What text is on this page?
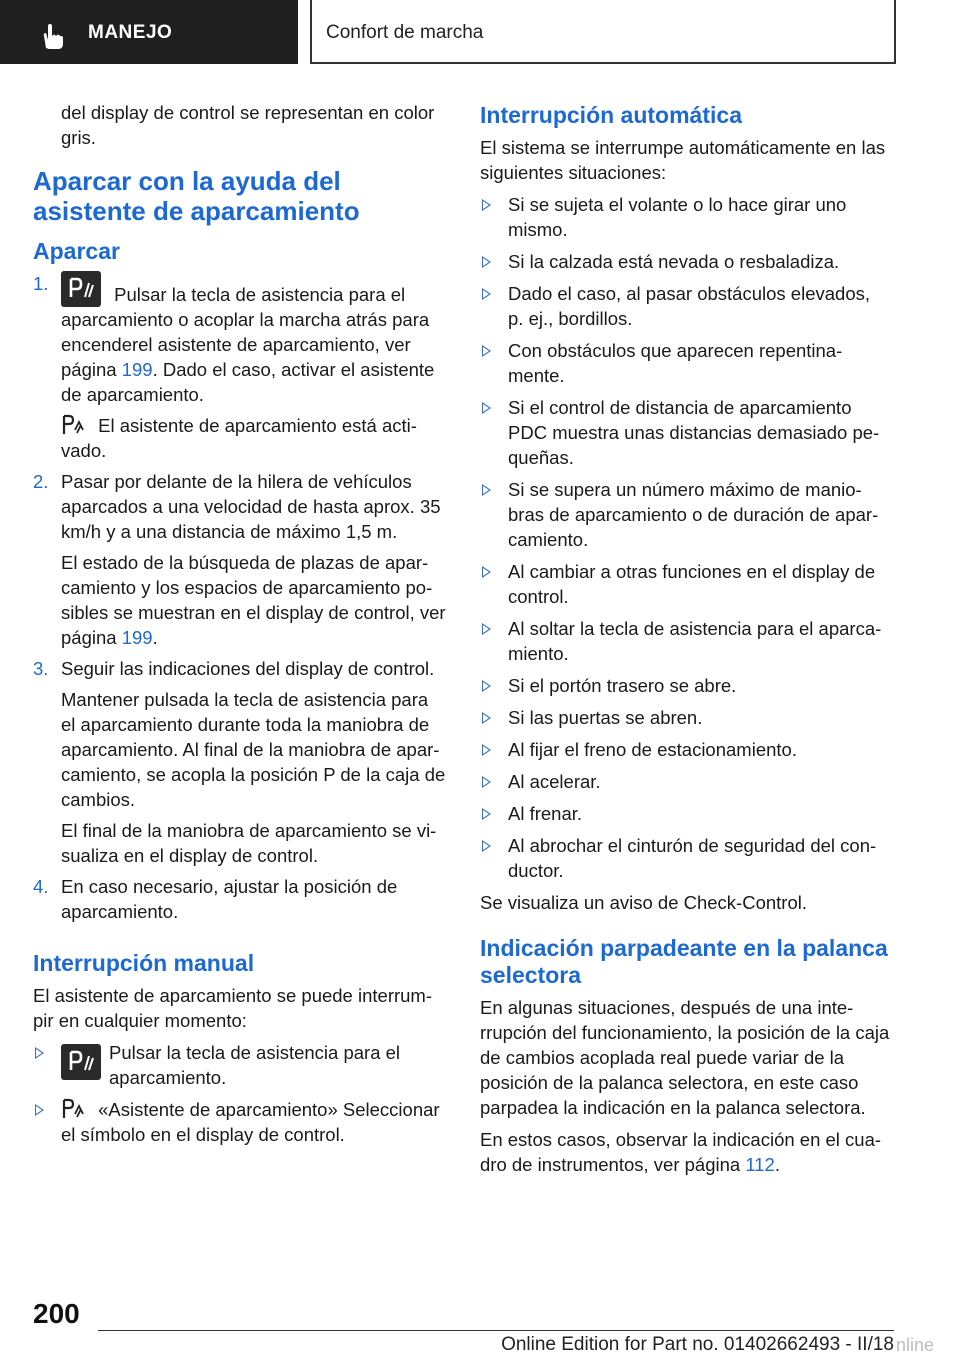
MANEJO	Confort de marcha

del display de control se representan en color gris.

Aparcar con la ayuda del asistente de aparcamiento
Aparcar
1.
Pulsar la tecla de asistencia para el aparcamiento o acoplar la marcha atrás para encenderel asistente de aparcamiento, ver página 199. Dado el caso, activar el asistente de aparcamiento.
El asistente de aparcamiento está acti‐vado.
2. Pasar por delante de la hilera de vehículos aparcados a una velocidad de hasta aprox. 35 km/h y a una distancia de máximo 1,5 m.
El estado de la búsqueda de plazas de apar‐camiento y los espacios de aparcamiento po‐sibles se muestran en el display de control, ver página 199.
3. Seguir las indicaciones del display de control.
Mantener pulsada la tecla de asistencia para el aparcamiento durante toda la maniobra de aparcamiento. Al final de la maniobra de apar‐camiento, se acopla la posición P de la caja de cambios.
El final de la maniobra de aparcamiento se vi‐sualiza en el display de control.
4. En caso necesario, ajustar la posición de aparcamiento.
Interrupción manual

El asistente de aparcamiento se puede interrum‐pir en cualquier momento:

Pulsar la tecla de asistencia para el aparcamiento.
«Asistente de aparcamiento» Seleccionar el símbolo en el display de control.
Interrupción automática

El sistema se interrumpe automáticamente en las siguientes situaciones:

Si se sujeta el volante o lo hace girar uno mismo.
Si la calzada está nevada o resbaladiza.
Dado el caso, al pasar obstáculos elevados, p. ej., bordillos.
Con obstáculos que aparecen repentina‐mente.
Si el control de distancia de aparcamiento PDC muestra unas distancias demasiado pe‐queñas.
Si se supera un número máximo de manio‐bras de aparcamiento o de duración de apar‐camiento.
Al cambiar a otras funciones en el display de control.
Al soltar la tecla de asistencia para el aparca‐miento.
Si el portón trasero se abre.
Si las puertas se abren.
Al fijar el freno de estacionamiento.
Al acelerar.
Al frenar.
Al abrochar el cinturón de seguridad del con‐ductor.

Se visualiza un aviso de Check-Control.

Indicación parpadeante en la palanca selectora

En algunas situaciones, después de una inte‐rrupción del funcionamiento, la posición de la caja de cambios acoplada real puede variar de la posición de la palanca selectora, en este caso parpadea la indicación en la palanca selectora.

En estos casos, observar la indicación en el cua‐dro de instrumentos, ver página 112.

200
Online Edition for Part no. 01402662493 - II/18 nline
